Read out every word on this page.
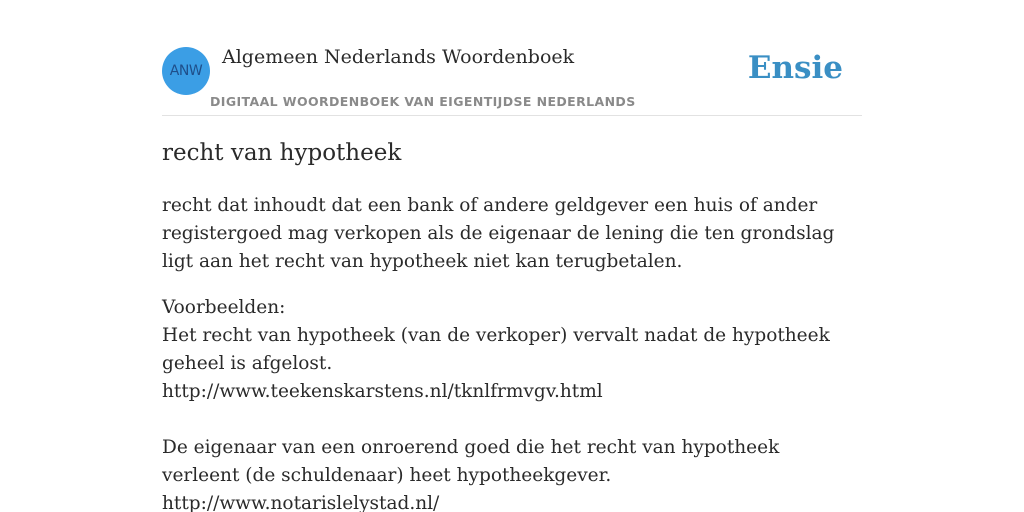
ANW
Algemeen Nederlands Woordenboek
DIGITAAL WOORDENBOEK VAN EIGENTIJDSE NEDERLANDS
Ensie
recht van hypotheek

recht dat inhoudt dat een bank of andere geldgever een huis of ander registergoed mag verkopen als de eigenaar de lening die ten grondslag ligt aan het recht van hypotheek niet kan terugbetalen.

Voorbeelden:

Het recht van hypotheek (van de verkoper) vervalt nadat de hypotheek geheel is afgelost.

http://www.teekenskarstens.nl/tknlfrmvgv.html

De eigenaar van een onroerend goed die het recht van hypotheek verleent (de schuldenaar) heet hypotheekgever.

http://www.notarislelystad.nl/
